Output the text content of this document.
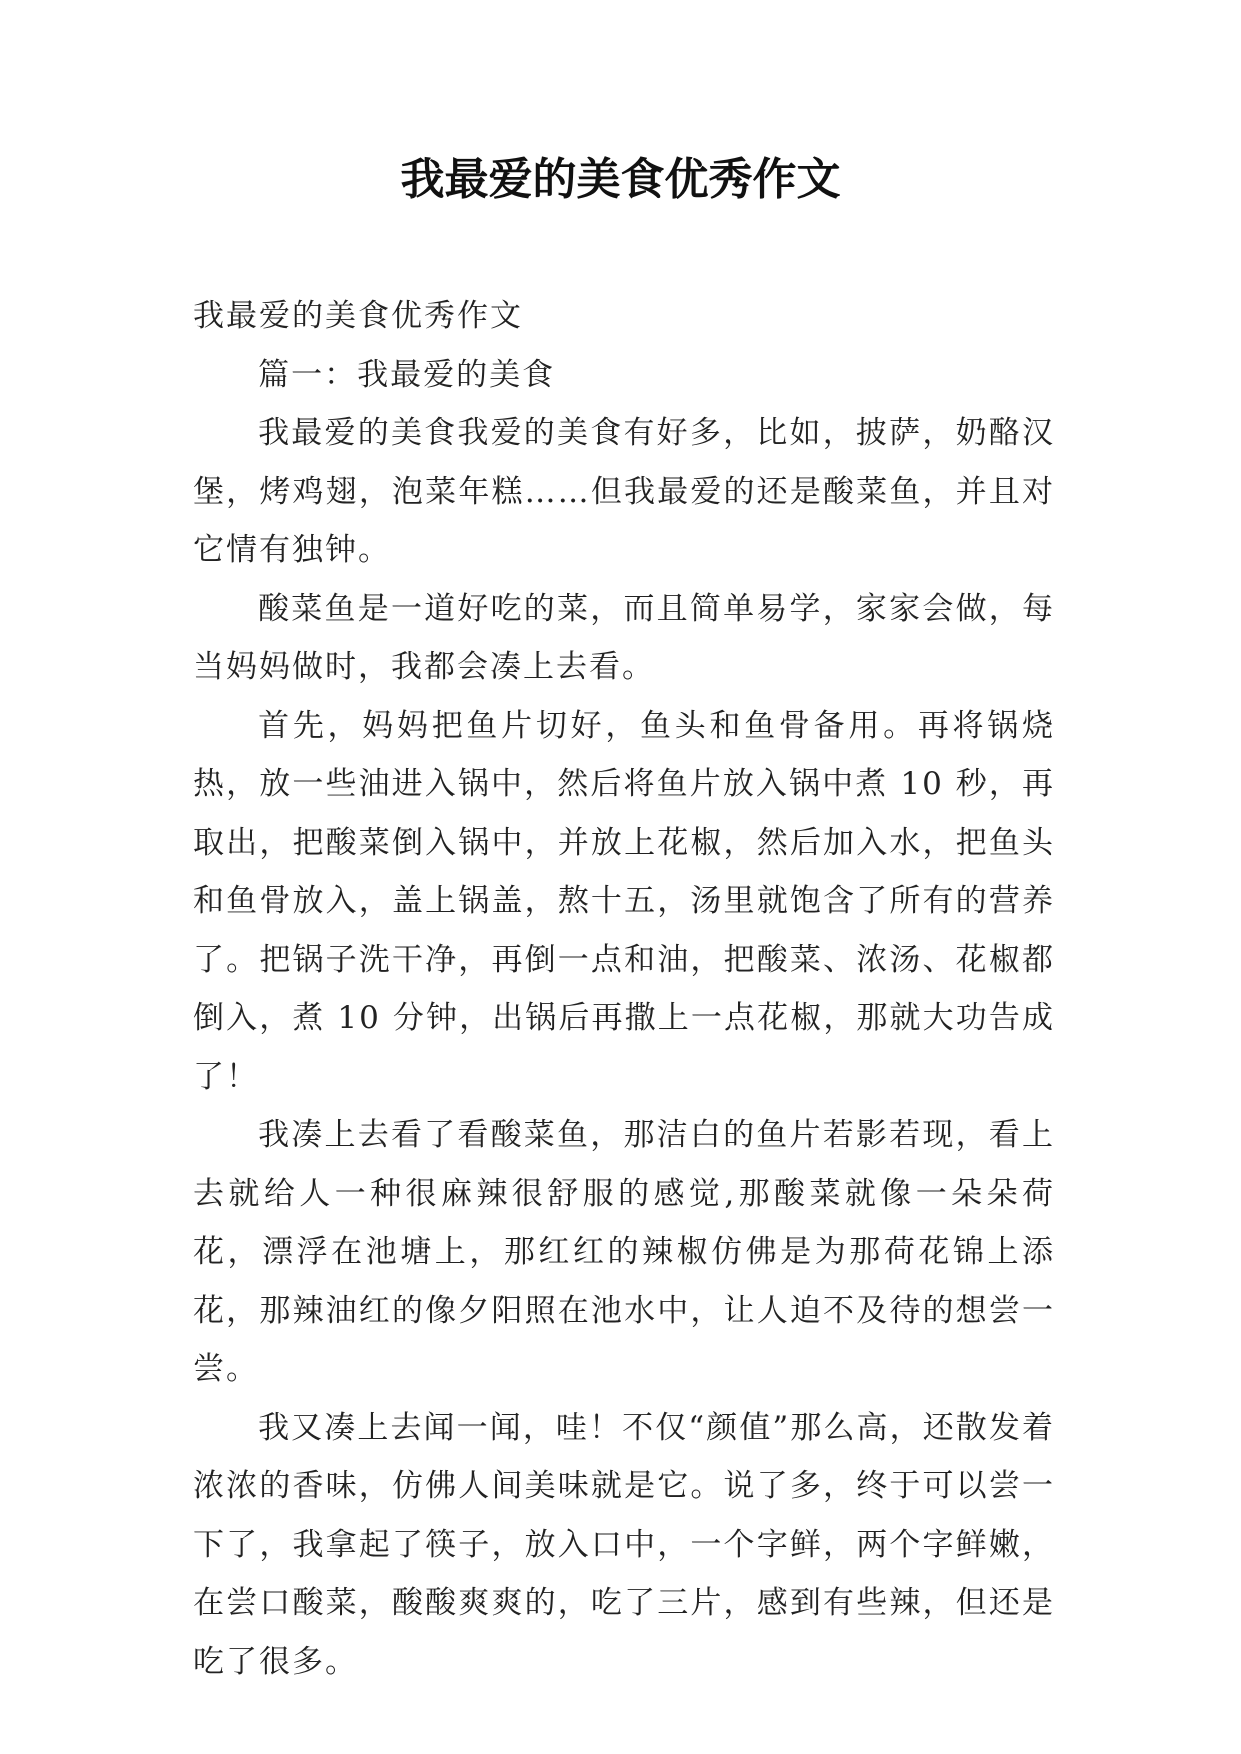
我最爱的美食优秀作文

我最爱的美食优秀作文

篇一：我最爱的美食

我最爱的美食我爱的美食有好多，比如，披萨，奶酪汉堡，烤鸡翅，泡菜年糕……但我最爱的还是酸菜鱼，并且对它情有独钟。

酸菜鱼是一道好吃的菜，而且简单易学，家家会做，每当妈妈做时，我都会凑上去看。

首先，妈妈把鱼片切好，鱼头和鱼骨备用。再将锅烧热，放一些油进入锅中，然后将鱼片放入锅中煮 10 秒，再取出，把酸菜倒入锅中，并放上花椒，然后加入水，把鱼头和鱼骨放入，盖上锅盖，熬十五，汤里就饱含了所有的营养了。把锅子洗干净，再倒一点和油，把酸菜、浓汤、花椒都倒入，煮 10 分钟，出锅后再撒上一点花椒，那就大功告成了！

我凑上去看了看酸菜鱼，那洁白的鱼片若影若现，看上去就给人一种很麻辣很舒服的感觉,那酸菜就像一朵朵荷花，漂浮在池塘上，那红红的辣椒仿佛是为那荷花锦上添花，那辣油红的像夕阳照在池水中，让人迫不及待的想尝一尝。

我又凑上去闻一闻，哇！不仅“颜值”那么高，还散发着浓浓的香味，仿佛人间美味就是它。说了多，终于可以尝一下了，我拿起了筷子，放入口中，一个字鲜，两个字鲜嫩，在尝口酸菜，酸酸爽爽的，吃了三片，感到有些辣，但还是吃了很多。
